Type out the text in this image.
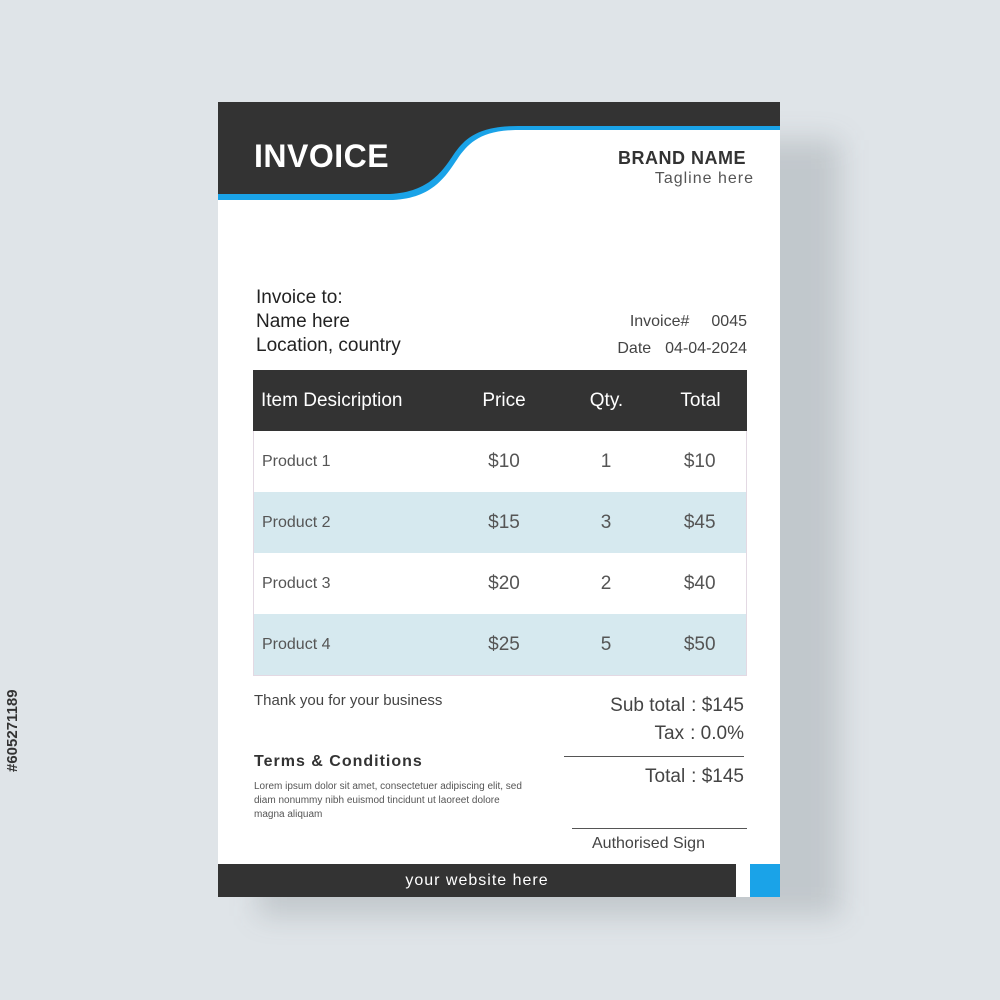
INVOICE	BRAND NAME
Tagline here
Invoice to:
Name here
Location, country
Invoice# 0045
Date 04-04-2024
Item Desicription	Price	Qty.	Total
Product 1	$10	1	$10
Product 2	$15	3	$45
Product 3	$20	2	$40
Product 4	$25	5	$50
Thank you for your business	Sub total : $145
Tax : 0.0%
Total : $145
Terms & Conditions
Lorem ipsum dolor sit amet, consectetuer adipiscing elit, sed diam nonummy nibh euismod tincidunt ut laoreet dolore magna aliquam
Authorised Sign
your website here
#605271189
